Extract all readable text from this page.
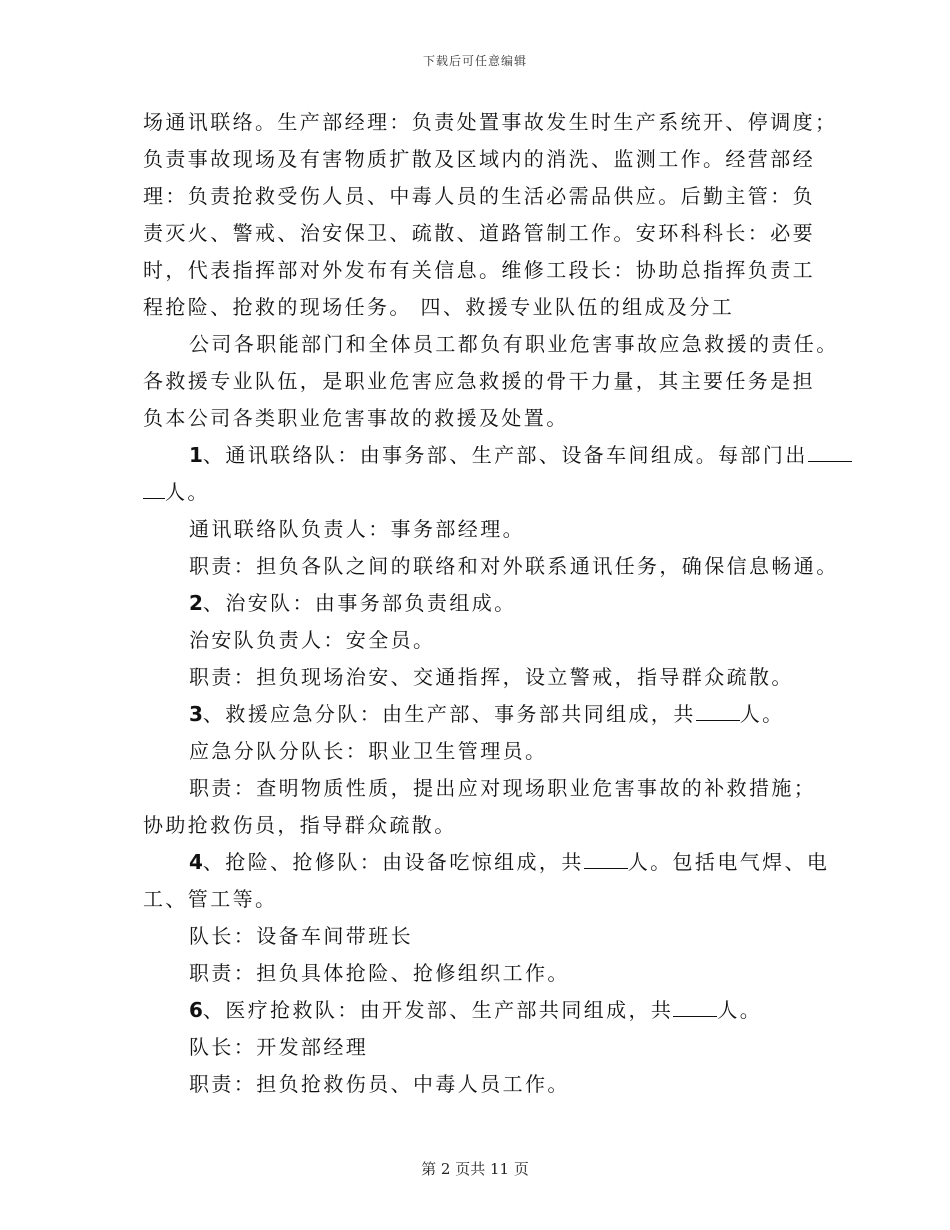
下载后可任意编辑
场通讯联络。生产部经理：负责处置事故发生时生产系统开、停调度；
负责事故现场及有害物质扩散及区域内的消洗、监测工作。经营部经
理：负责抢救受伤人员、中毒人员的生活必需品供应。后勤主管：负
责灭火、警戒、治安保卫、疏散、道路管制工作。安环科科长：必要
时，代表指挥部对外发布有关信息。维修工段长：协助总指挥负责工
程抢险、抢救的现场任务。 四、救援专业队伍的组成及分工
公司各职能部门和全体员工都负有职业危害事故应急救援的责任。
各救援专业队伍，是职业危害应急救援的骨干力量，其主要任务是担
负本公司各类职业危害事故的救援及处置。
1、通讯联络队：由事务部、生产部、设备车间组成。每部门出
人。
通讯联络队负责人：事务部经理。
职责：担负各队之间的联络和对外联系通讯任务，确保信息畅通。
2、治安队：由事务部负责组成。
治安队负责人：安全员。
职责：担负现场治安、交通指挥，设立警戒，指导群众疏散。
3、救援应急分队：由生产部、事务部共同组成，共 人。
应急分队分队长：职业卫生管理员。
职责：查明物质性质，提出应对现场职业危害事故的补救措施；
协助抢救伤员，指导群众疏散。
4、抢险、抢修队：由设备吃惊组成，共 人。包括电气焊、电
工、管工等。
队长：设备车间带班长
职责：担负具体抢险、抢修组织工作。
6、医疗抢救队：由开发部、生产部共同组成，共 人。
队长：开发部经理
职责：担负抢救伤员、中毒人员工作。
第 2 页共 11 页
